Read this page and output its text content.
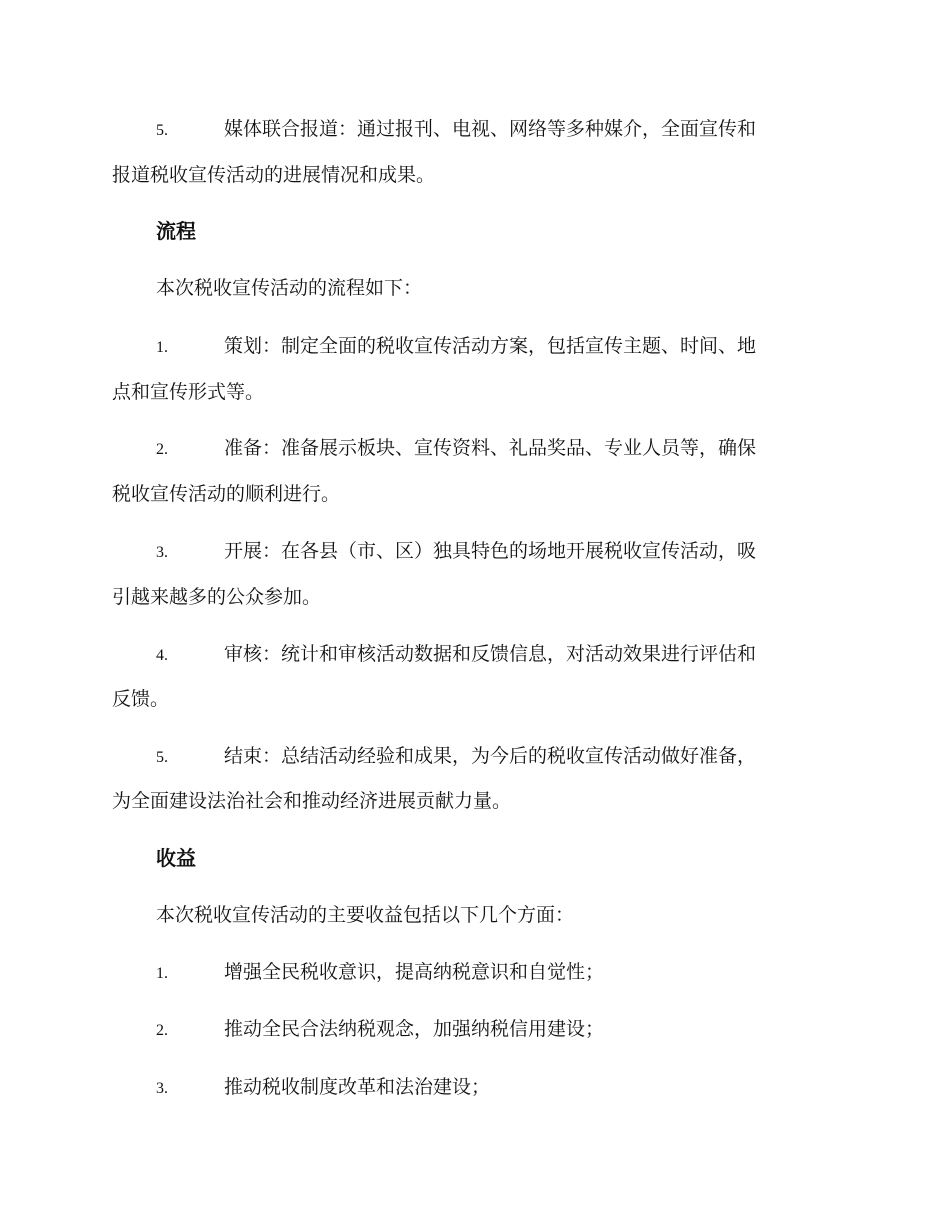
5.	媒体联合报道：通过报刊、电视、网络等多种媒介，全面宣传和
报道税收宣传活动的进展情况和成果。
流程
本次税收宣传活动的流程如下：
1.	策划：制定全面的税收宣传活动方案，包括宣传主题、时间、地
点和宣传形式等。
2.	准备：准备展示板块、宣传资料、礼品奖品、专业人员等，确保
税收宣传活动的顺利进行。
3.	开展：在各县（市、区）独具特色的场地开展税收宣传活动，吸
引越来越多的公众参加。
4.	审核：统计和审核活动数据和反馈信息，对活动效果进行评估和
反馈。
5.	结束：总结活动经验和成果，为今后的税收宣传活动做好准备，
为全面建设法治社会和推动经济进展贡献力量。
收益
本次税收宣传活动的主要收益包括以下几个方面：
1.	增强全民税收意识，提高纳税意识和自觉性；
2.	推动全民合法纳税观念，加强纳税信用建设；
3.	推动税收制度改革和法治建设；
